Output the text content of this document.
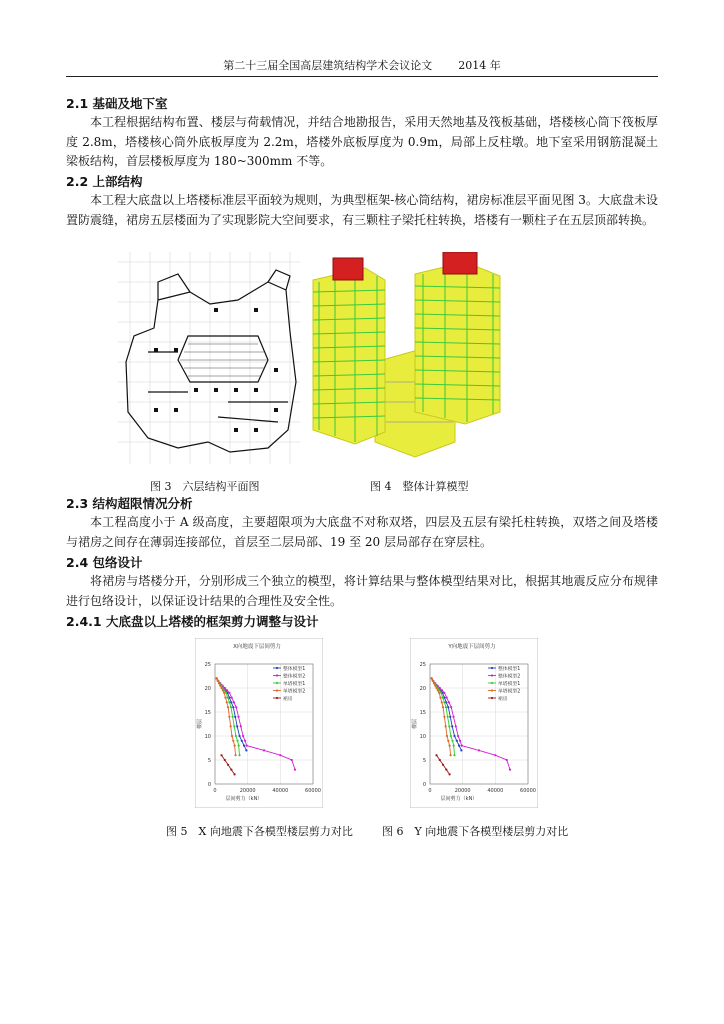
第二十三届全国高层建筑结构学术会议论文 2014 年
2.1 基础及地下室
本工程根据结构布置、楼层与荷载情况，并结合地勘报告，采用天然地基及筏板基础，塔楼核心筒下筏板厚度 2.8m，塔楼核心筒外底板厚度为 2.2m，塔楼外底板厚度为 0.9m，局部上反柱墩。地下室采用钢筋混凝土梁板结构，首层楼板厚度为 180~300mm 不等。
2.2 上部结构
本工程大底盘以上塔楼标准层平面较为规则，为典型框架-核心筒结构，裙房标准层平面见图 3。大底盘未设置防震缝，裙房五层楼面为了实现影院大空间要求，有三颗柱子梁托柱转换，塔楼有一颗柱子在五层顶部转换。
图 3　六层结构平面图	图 4　整体计算模型
2.3 结构超限情况分析
本工程高度小于 A 级高度，主要超限项为大底盘不对称双塔，四层及五层有梁托柱转换，双塔之间及塔楼与裙房之间存在薄弱连接部位，首层至二层局部、19 至 20 层局部存在穿层柱。
2.4 包络设计
将裙房与塔楼分开，分别形成三个独立的模型，将计算结果与整体模型结果对比，根据其地震反应分布规律进行包络设计，以保证设计结果的合理性及安全性。
2.4.1 大底盘以上塔楼的框架剪力调整与设计
X向地震下层间剪力
0
5
10
15
20
25
0	20000	40000	60000
层间剪力（kN）
楼层
整体模型1
整体模型2
单塔模型1
单塔模型2
裙房
图 5　X 向地震下各模型楼层剪力对比
Y向地震下层间剪力
0
5
10
15
20
25
0	20000	40000	60000
层间剪力（kN）
楼层
整体模型1
整体模型2
单塔模型1
单塔模型2
裙房
图 6　Y 向地震下各模型楼层剪力对比
